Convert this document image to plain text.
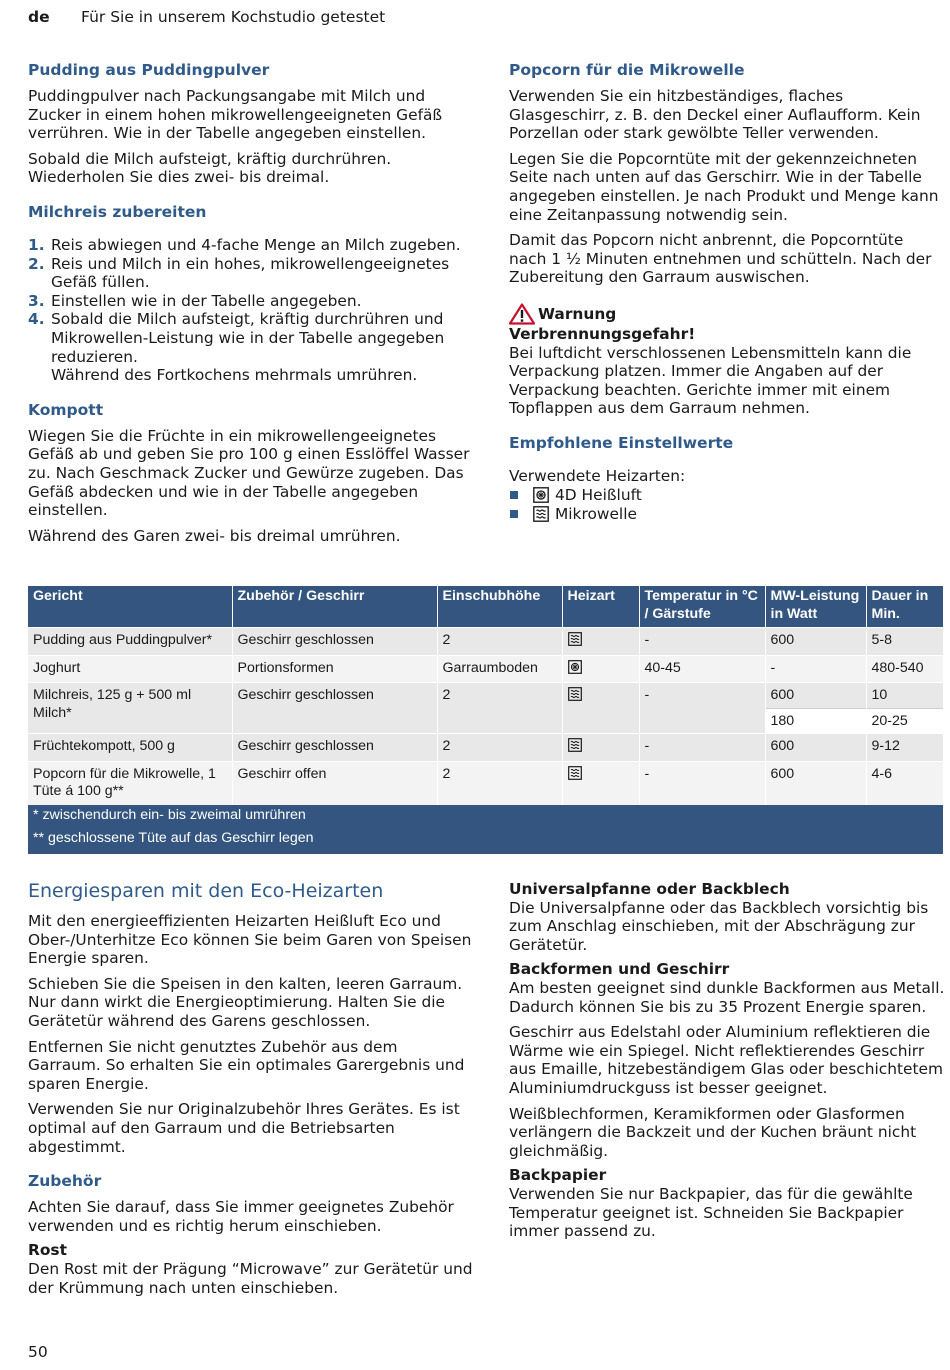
de Für Sie in unserem Kochstudio getestet
Pudding aus Puddingpulver

Puddingpulver nach Packungsangabe mit Milch und Zucker in einem hohen mikrowellengeeigneten Gefäß verrühren. Wie in der Tabelle angegeben einstellen.

Sobald die Milch aufsteigt, kräftig durchrühren. Wiederholen Sie dies zwei- bis dreimal.

Milchreis zubereiten
1. Reis abwiegen und 4-fache Menge an Milch zugeben.
2. Reis und Milch in ein hohes, mikrowellengeeignetes Gefäß füllen.
3. Einstellen wie in der Tabelle angegeben.
4. Sobald die Milch aufsteigt, kräftig durchrühren und Mikrowellen-Leistung wie in der Tabelle angegeben reduzieren.
Während des Fortkochens mehrmals umrühren.
Kompott

Wiegen Sie die Früchte in ein mikrowellengeeignetes Gefäß ab und geben Sie pro 100 g einen Esslöffel Wasser zu. Nach Geschmack Zucker und Gewürze zugeben. Das Gefäß abdecken und wie in der Tabelle angegeben einstellen.

Während des Garen zwei- bis dreimal umrühren.

Popcorn für die Mikrowelle

Verwenden Sie ein hitzbeständiges, flaches Glasgeschirr, z. B. den Deckel einer Auflaufform. Kein Porzellan oder stark gewölbte Teller verwenden.

Legen Sie die Popcorntüte mit der gekennzeichneten Seite nach unten auf das Gerschirr. Wie in der Tabelle angegeben einstellen. Je nach Produkt und Menge kann eine Zeitanpassung notwendig sein.

Damit das Popcorn nicht anbrennt, die Popcorntüte nach 1 ½ Minuten entnehmen und schütteln. Nach der Zubereitung den Garraum auswischen.

Warnung

Verbrennungsgefahr!

Bei luftdicht verschlossenen Lebensmitteln kann die Verpackung platzen. Immer die Angaben auf der Verpackung beachten. Gerichte immer mit einem Topflappen aus dem Garraum nehmen.

Empfohlene Einstellwerte

Verwendete Heizarten:

4D Heißluft
Mikrowelle
Gericht	Zubehör / Geschirr	Einschubhöhe	Heizart	Temperatur in °C / Gärstufe	MW-Leistung in Watt	Dauer in Min.
Pudding aus Puddingpulver*	Geschirr geschlossen	2		-	600	5-8
Joghurt	Portionsformen	Garraumboden		40-45	-	480-540
Milchreis, 125 g + 500 ml Milch*	Geschirr geschlossen	2		-	600	10
					180	20-25
Früchtekompott, 500 g	Geschirr geschlossen	2		-	600	9-12
Popcorn für die Mikrowelle, 1 Tüte á 100 g**	Geschirr offen	2		-	600	4-6
* zwischendurch ein- bis zweimal umrühren						
** geschlossene Tüte auf das Geschirr legen						
Energiesparen mit den Eco-Heizarten

Mit den energieeffizienten Heizarten Heißluft Eco und Ober-/Unterhitze Eco können Sie beim Garen von Speisen Energie sparen.

Schieben Sie die Speisen in den kalten, leeren Garraum. Nur dann wirkt die Energieoptimierung. Halten Sie die Gerätetür während des Garens geschlossen.

Entfernen Sie nicht genutztes Zubehör aus dem Garraum. So erhalten Sie ein optimales Garergebnis und sparen Energie.

Verwenden Sie nur Originalzubehör Ihres Gerätes. Es ist optimal auf den Garraum und die Betriebsarten abgestimmt.

Zubehör

Achten Sie darauf, dass Sie immer geeignetes Zubehör verwenden und es richtig herum einschieben.

Rost

Den Rost mit der Prägung “Microwave” zur Gerätetür und der Krümmung nach unten einschieben.

Universalpfanne oder Backblech

Die Universalpfanne oder das Backblech vorsichtig bis zum Anschlag einschieben, mit der Abschrägung zur Gerätetür.

Backformen und Geschirr

Am besten geeignet sind dunkle Backformen aus Metall. Dadurch können Sie bis zu 35 Prozent Energie sparen.

Geschirr aus Edelstahl oder Aluminium reflektieren die Wärme wie ein Spiegel. Nicht reflektierendes Geschirr aus Emaille, hitzebeständigem Glas oder beschichtetem Aluminiumdruckguss ist besser geeignet.

Weißblechformen, Keramikformen oder Glasformen verlängern die Backzeit und der Kuchen bräunt nicht gleichmäßig.

Backpapier

Verwenden Sie nur Backpapier, das für die gewählte Temperatur geeignet ist. Schneiden Sie Backpapier immer passend zu.

50
